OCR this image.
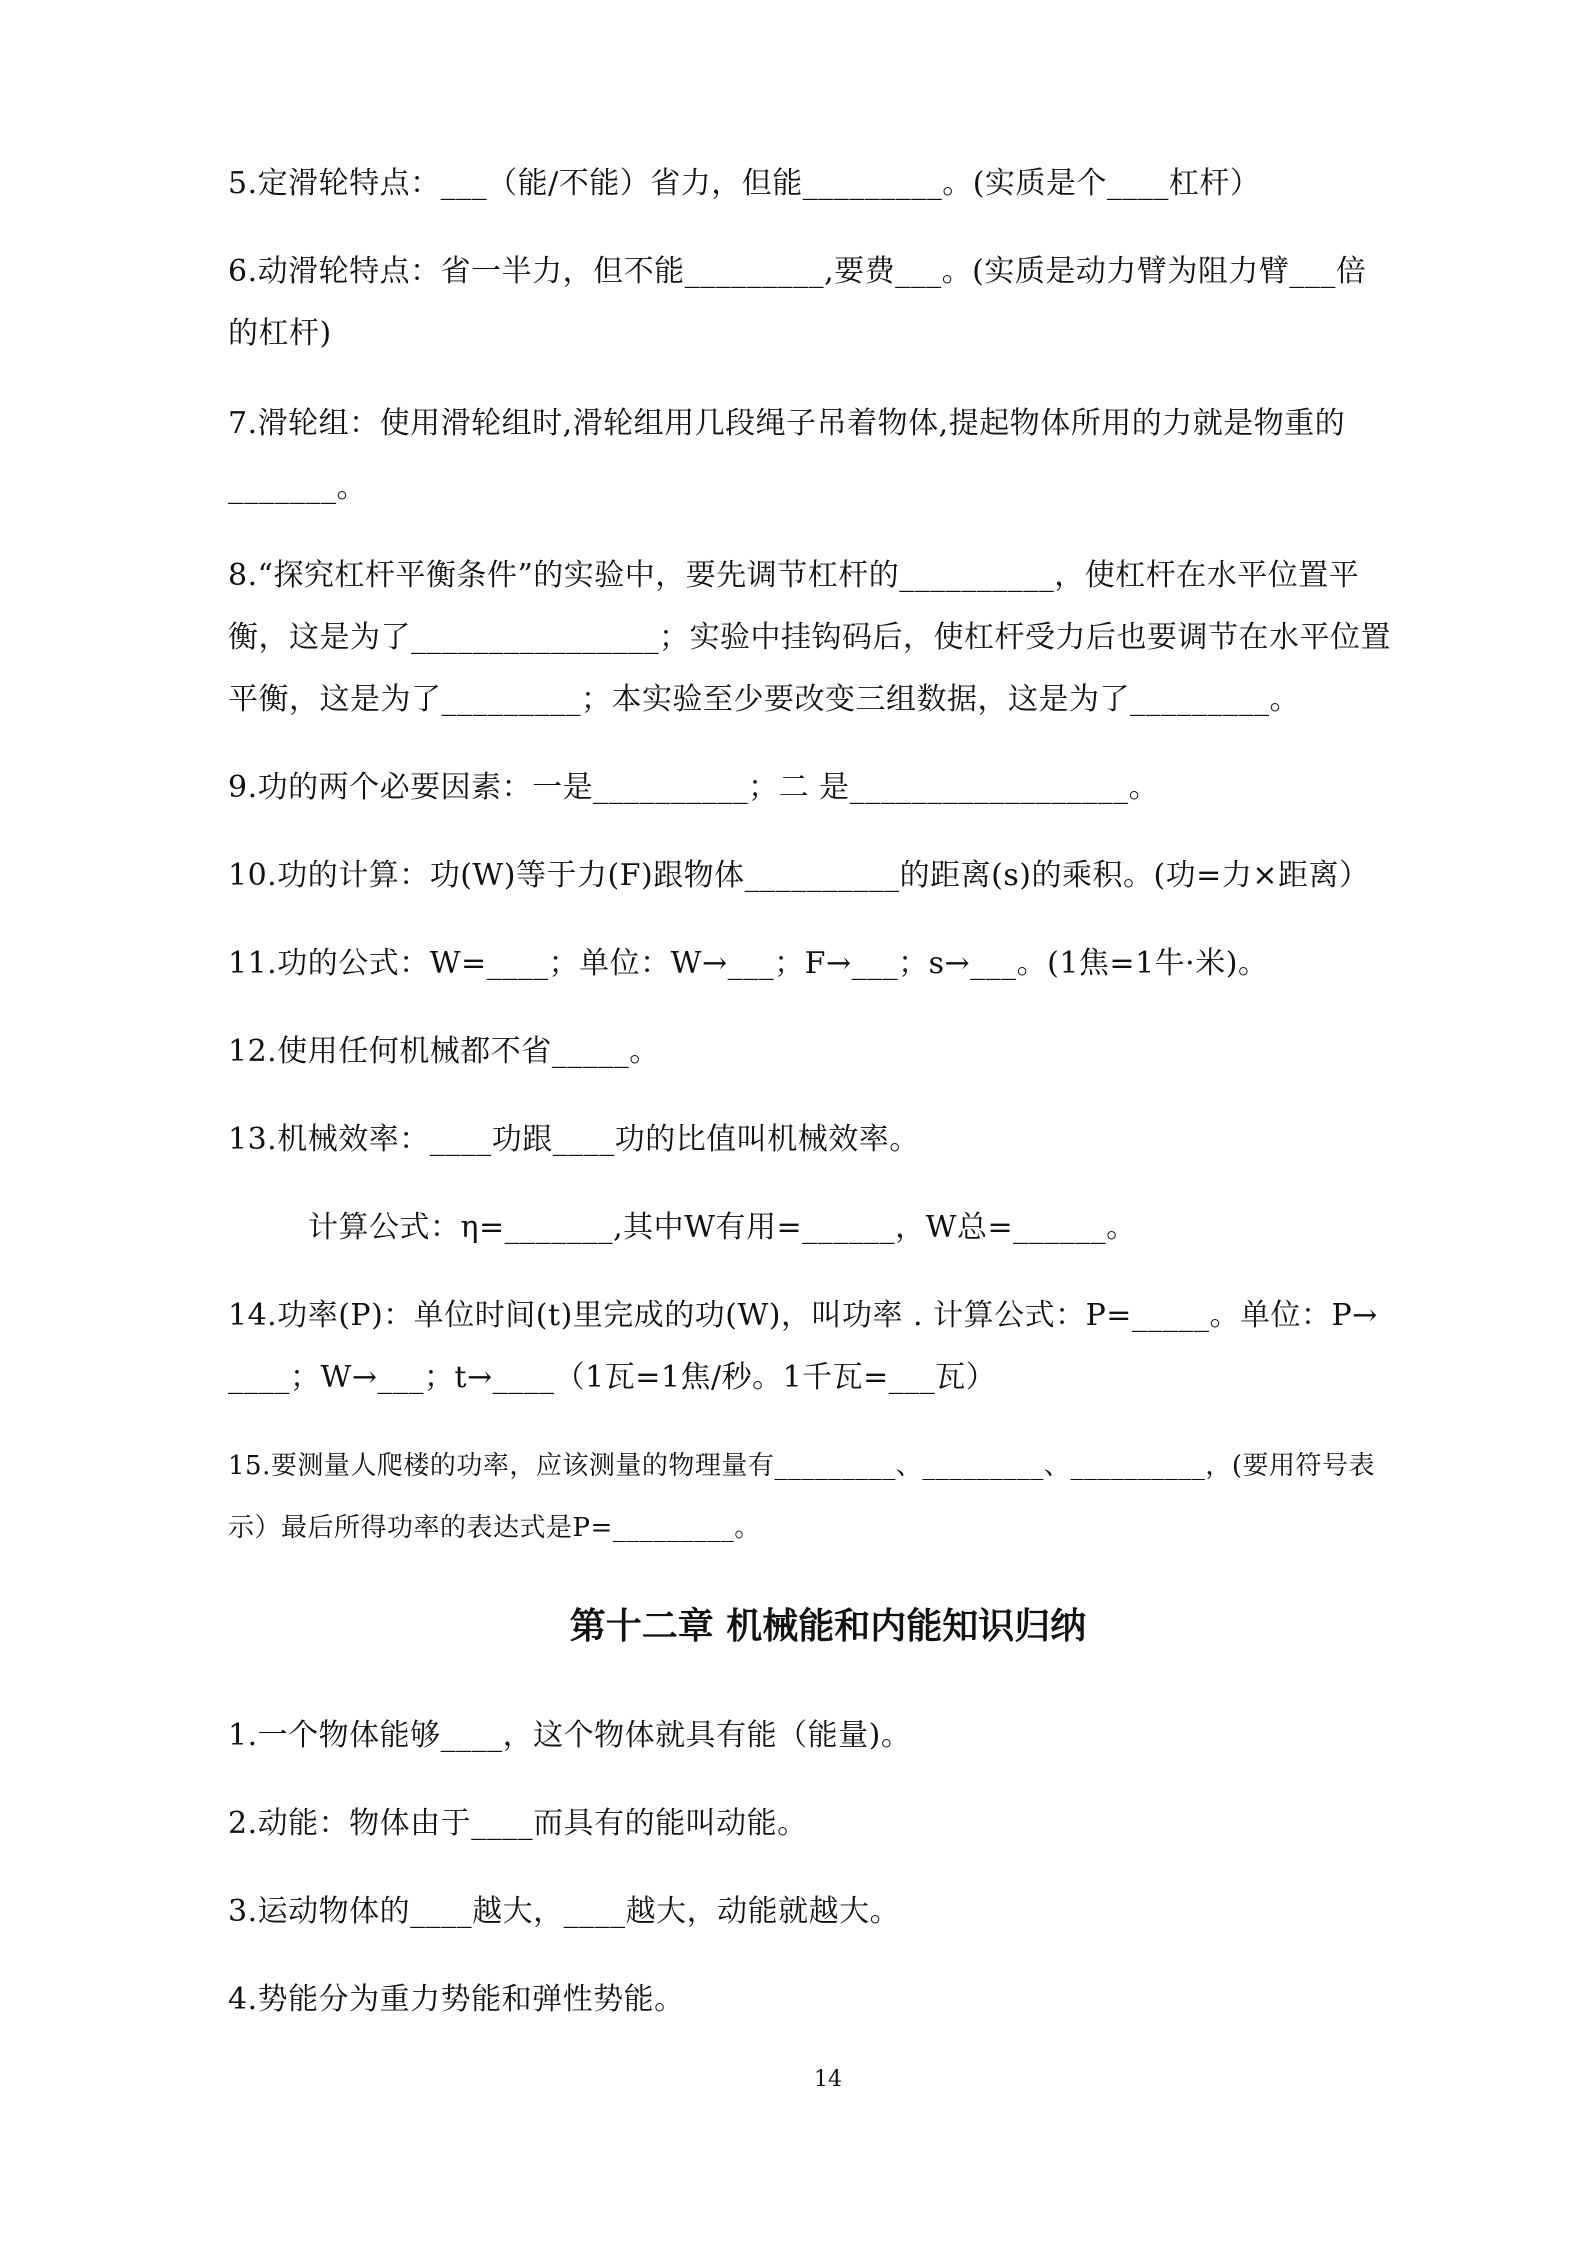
5.定滑轮特点：___（能/不能）省力，但能_________。(实质是个____杠杆）
6.动滑轮特点：省一半力，但不能_________,要费___。(实质是动力臂为阻力臂___倍
的杠杆)
7.滑轮组：使用滑轮组时,滑轮组用几段绳子吊着物体,提起物体所用的力就是物重的
_______。
8.“探究杠杆平衡条件”的实验中，要先调节杠杆的__________，使杠杆在水平位置平
衡，这是为了________________；实验中挂钩码后，使杠杆受力后也要调节在水平位置
平衡，这是为了_________；本实验至少要改变三组数据，这是为了_________。
9.功的两个必要因素：一是__________；二 是__________________。
10.功的计算：功(W)等于力(F)跟物体__________的距离(s)的乘积。(功=力×距离）
11.功的公式：W=____；单位：W→___；F→___；s→___。(1焦=1牛·米)。
12.使用任何机械都不省_____。
13.机械效率：____功跟____功的比值叫机械效率。
计算公式：η=_______,其中W有用=______，W总=______。
14.功率(P)：单位时间(t)里完成的功(W)，叫功率 . 计算公式：P=_____。单位：P→
____；W→___；t→____（1瓦=1焦/秒。1千瓦=___瓦）
15.要测量人爬楼的功率，应该测量的物理量有_________、_________、__________，(要用符号表
示）最后所得功率的表达式是P=_________。
第十二章 机械能和内能知识归纳
1.一个物体能够____，这个物体就具有能（能量)。
2.动能：物体由于____而具有的能叫动能。
3.运动物体的____越大，____越大，动能就越大。
4.势能分为重力势能和弹性势能。
14
